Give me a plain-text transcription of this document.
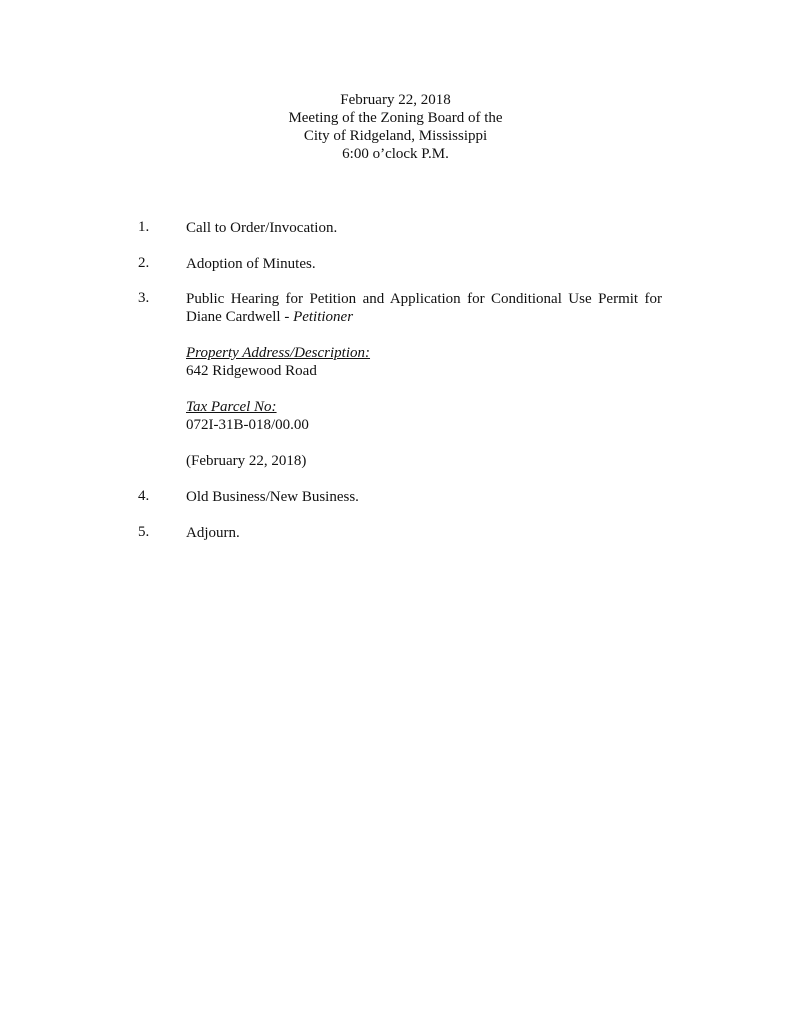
February 22, 2018
Meeting of the Zoning Board of the
City of Ridgeland, Mississippi
6:00 o’clock P.M.
1. Call to Order/Invocation.
2. Adoption of Minutes.
3. Public Hearing for Petition and Application for Conditional Use Permit for
Diane Cardwell - Petitioner
Property Address/Description:
642 Ridgewood Road
Tax Parcel No:
072I-31B-018/00.00
(February 22, 2018)
4. Old Business/New Business.
5. Adjourn.
